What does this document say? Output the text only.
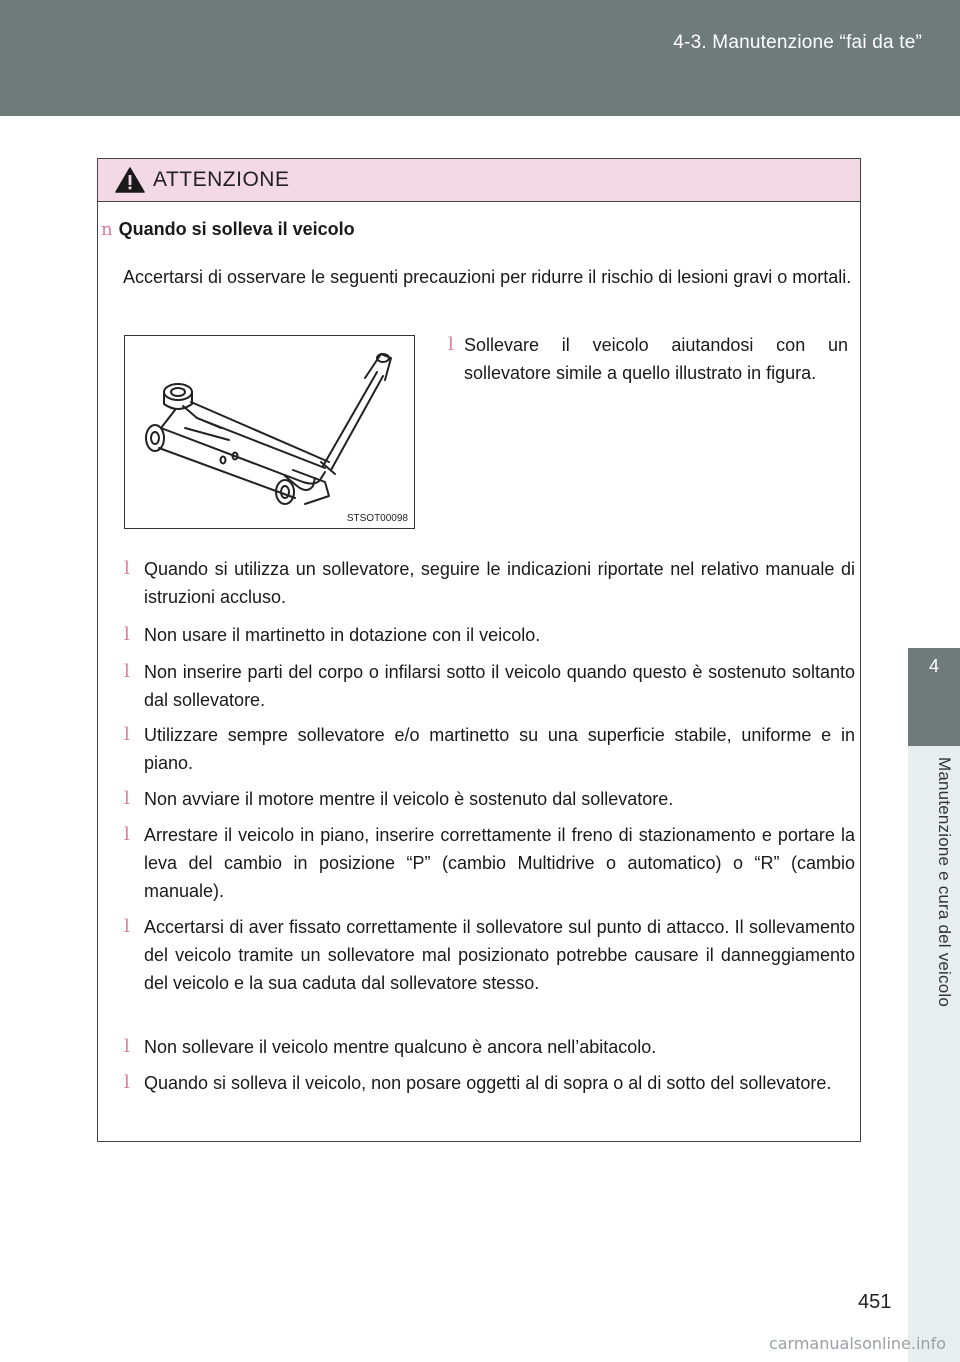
4-3. Manutenzione “fai da te”
4
Manutenzione e cura del veicolo
ATTENZIONE
n Quando si solleva il veicolo
Accertarsi di osservare le seguenti precauzioni per ridurre il rischio di lesioni gravi o mortali.
STSOT00098
l Sollevare il veicolo aiutandosi con un sollevatore simile a quello illustrato in figura.
l Quando si utilizza un sollevatore, seguire le indicazioni riportate nel relativo manuale di istruzioni accluso.
l Non usare il martinetto in dotazione con il veicolo.
l Non inserire parti del corpo o infilarsi sotto il veicolo quando questo è sostenuto soltanto dal sollevatore.
l Utilizzare sempre sollevatore e/o martinetto su una superficie stabile, uniforme e in piano.
l Non avviare il motore mentre il veicolo è sostenuto dal sollevatore.
l Arrestare il veicolo in piano, inserire correttamente il freno di stazionamento e portare la leva del cambio in posizione “P” (cambio Multidrive o automatico) o “R” (cambio manuale).
l Accertarsi di aver fissato correttamente il sollevatore sul punto di attacco. Il sollevamento del veicolo tramite un sollevatore mal posizionato potrebbe causare il danneggiamento del veicolo e la sua caduta dal sollevatore stesso.
l Non sollevare il veicolo mentre qualcuno è ancora nell’abitacolo.
l Quando si solleva il veicolo, non posare oggetti al di sopra o al di sotto del sollevatore.
451
carmanualsonline.info
